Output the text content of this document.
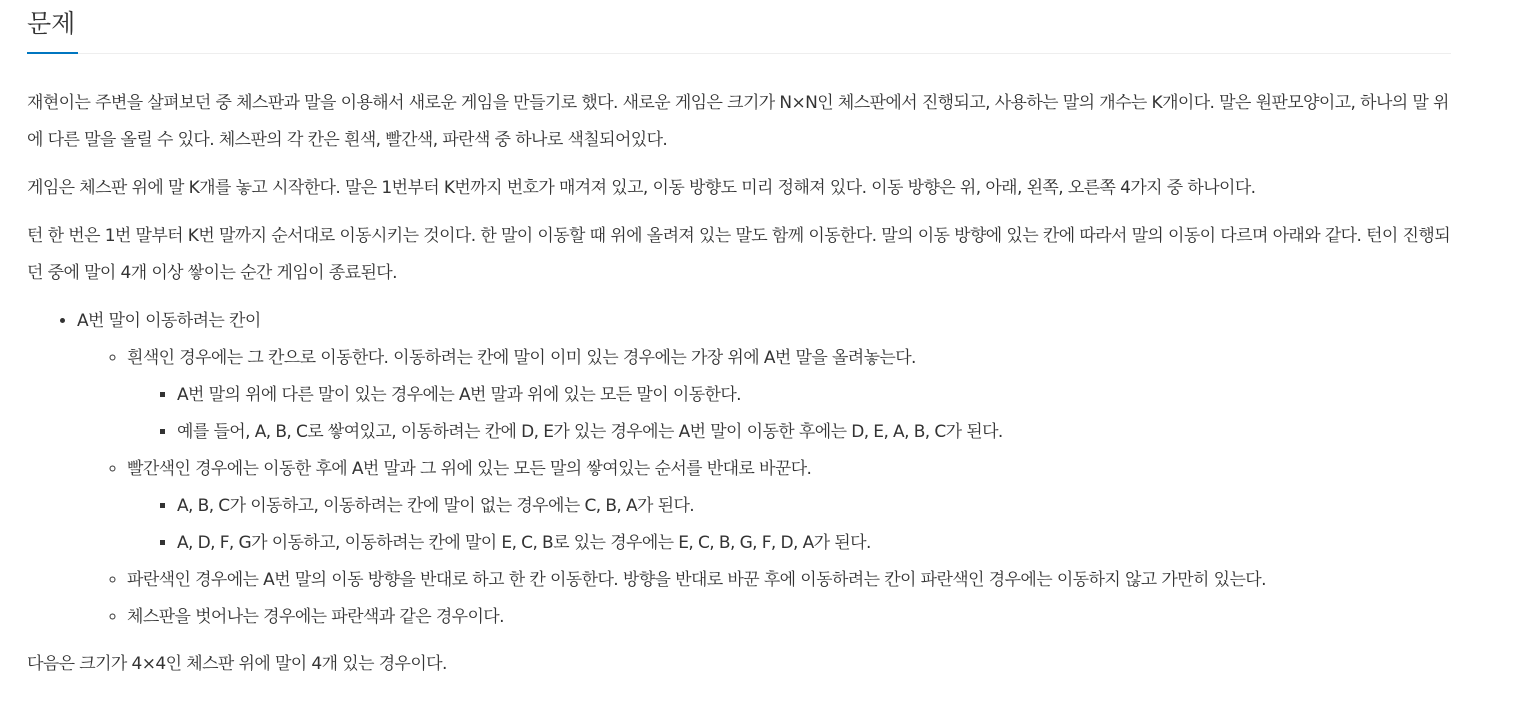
문제

재현이는 주변을 살펴보던 중 체스판과 말을 이용해서 새로운 게임을 만들기로 했다. 새로운 게임은 크기가 N×N인 체스판에서 진행되고, 사용하는 말의 개수는 K개이다. 말은 원판모양이고, 하나의 말 위에 다른 말을 올릴 수 있다. 체스판의 각 칸은 흰색, 빨간색, 파란색 중 하나로 색칠되어있다.

게임은 체스판 위에 말 K개를 놓고 시작한다. 말은 1번부터 K번까지 번호가 매겨져 있고, 이동 방향도 미리 정해져 있다. 이동 방향은 위, 아래, 왼쪽, 오른쪽 4가지 중 하나이다.

턴 한 번은 1번 말부터 K번 말까지 순서대로 이동시키는 것이다. 한 말이 이동할 때 위에 올려져 있는 말도 함께 이동한다. 말의 이동 방향에 있는 칸에 따라서 말의 이동이 다르며 아래와 같다. 턴이 진행되던 중에 말이 4개 이상 쌓이는 순간 게임이 종료된다.

• A번 말이 이동하려는 칸이
◦ 흰색인 경우에는 그 칸으로 이동한다. 이동하려는 칸에 말이 이미 있는 경우에는 가장 위에 A번 말을 올려놓는다.
▪ A번 말의 위에 다른 말이 있는 경우에는 A번 말과 위에 있는 모든 말이 이동한다.
▪ 예를 들어, A, B, C로 쌓여있고, 이동하려는 칸에 D, E가 있는 경우에는 A번 말이 이동한 후에는 D, E, A, B, C가 된다.
◦ 빨간색인 경우에는 이동한 후에 A번 말과 그 위에 있는 모든 말의 쌓여있는 순서를 반대로 바꾼다.
▪ A, B, C가 이동하고, 이동하려는 칸에 말이 없는 경우에는 C, B, A가 된다.
▪ A, D, F, G가 이동하고, 이동하려는 칸에 말이 E, C, B로 있는 경우에는 E, C, B, G, F, D, A가 된다.
◦ 파란색인 경우에는 A번 말의 이동 방향을 반대로 하고 한 칸 이동한다. 방향을 반대로 바꾼 후에 이동하려는 칸이 파란색인 경우에는 이동하지 않고 가만히 있는다.
◦ 체스판을 벗어나는 경우에는 파란색과 같은 경우이다.

다음은 크기가 4×4인 체스판 위에 말이 4개 있는 경우이다.
